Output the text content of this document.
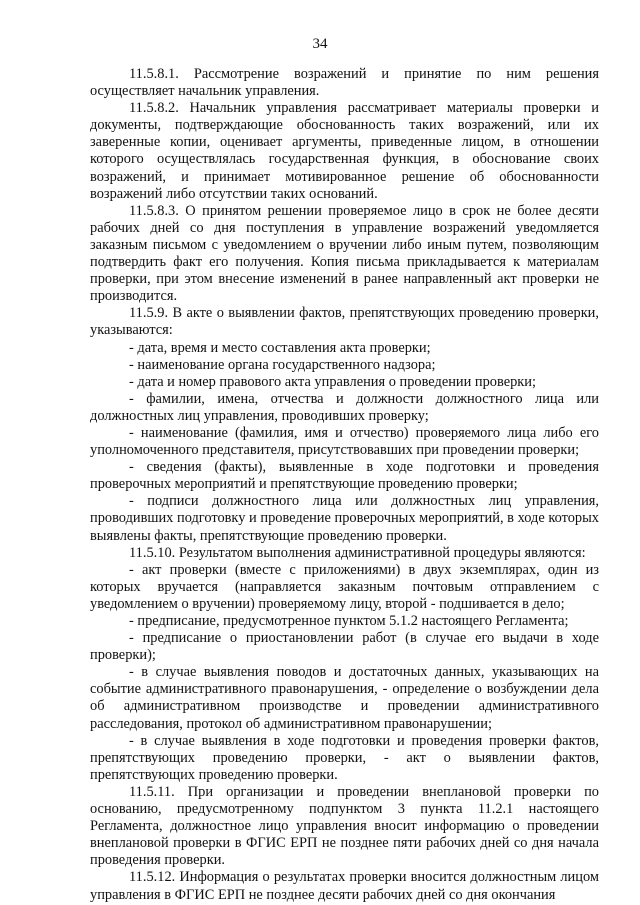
34

11.5.8.1. Рассмотрение возражений и принятие по ним решения осуществляет начальник управления.

11.5.8.2. Начальник управления рассматривает материалы проверки и документы, подтверждающие обоснованность таких возражений, или их заверенные копии, оценивает аргументы, приведенные лицом, в отношении которого осуществлялась государственная функция, в обоснование своих возражений, и принимает мотивированное решение об обоснованности возражений либо отсутствии таких оснований.

11.5.8.3. О принятом решении проверяемое лицо в срок не более десяти рабочих дней со дня поступления в управление возражений уведомляется заказным письмом с уведомлением о вручении либо иным путем, позволяющим подтвердить факт его получения. Копия письма прикладывается к материалам проверки, при этом внесение изменений в ранее направленный акт проверки не производится.

11.5.9. В акте о выявлении фактов, препятствующих проведению проверки, указываются:

- дата, время и место составления акта проверки;

- наименование органа государственного надзора;

- дата и номер правового акта управления о проведении проверки;

- фамилии, имена, отчества и должности должностного лица или должностных лиц управления, проводивших проверку;

- наименование (фамилия, имя и отчество) проверяемого лица либо его уполномоченного представителя, присутствовавших при проведении проверки;

- сведения (факты), выявленные в ходе подготовки и проведения проверочных мероприятий и препятствующие проведению проверки;

- подписи должностного лица или должностных лиц управления, проводивших подготовку и проведение проверочных мероприятий, в ходе которых выявлены факты, препятствующие проведению проверки.

11.5.10. Результатом выполнения административной процедуры являются:

- акт проверки (вместе с приложениями) в двух экземплярах, один из которых вручается (направляется заказным почтовым отправлением с уведомлением о вручении) проверяемому лицу, второй - подшивается в дело;

- предписание, предусмотренное пунктом 5.1.2 настоящего Регламента;

- предписание о приостановлении работ (в случае его выдачи в ходе проверки);

- в случае выявления поводов и достаточных данных, указывающих на событие административного правонарушения, - определение о возбуждении дела об административном производстве и проведении административного расследования, протокол об административном правонарушении;

- в случае выявления в ходе подготовки и проведения проверки фактов, препятствующих проведению проверки, - акт о выявлении фактов, препятствующих проведению проверки.

11.5.11. При организации и проведении внеплановой проверки по основанию, предусмотренному подпунктом 3 пункта 11.2.1 настоящего Регламента, должностное лицо управления вносит информацию о проведении внеплановой проверки в ФГИС ЕРП не позднее пяти рабочих дней со дня начала проведения проверки.

11.5.12. Информация о результатах проверки вносится должностным лицом управления в ФГИС ЕРП не позднее десяти рабочих дней со дня окончания
